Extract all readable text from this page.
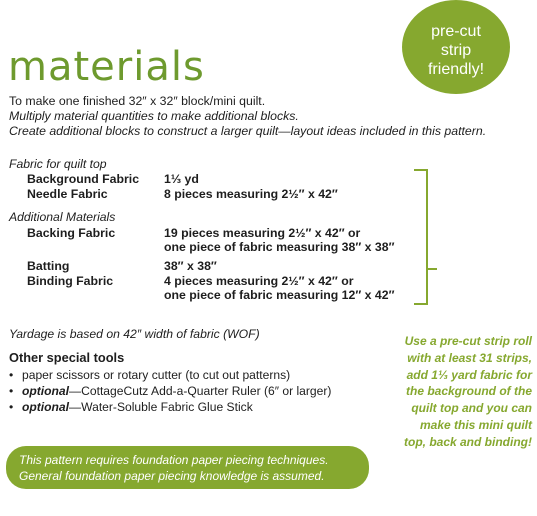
pre-cut
strip
friendly!
materials
To make one finished 32″ x 32″ block/mini quilt.
Multiply material quantities to make additional blocks.
Create additional blocks to construct a larger quilt—layout ideas included in this pattern.
Fabric for quilt top
Background Fabric 1⅓ yd
Needle Fabric	8 pieces measuring 2½″ x 42″
Additional Materials
Backing Fabric	19 pieces measuring 2½″ x 42″ or
one piece of fabric measuring 38″ x 38″
Batting	38″ x 38″
Binding Fabric	4 pieces measuring 2½″ x 42″ or
one piece of fabric measuring 12″ x 42″
Use a pre-cut strip roll
with at least 31 strips,
add 1⅓ yard fabric for
the background of the
quilt top and you can
make this mini quilt
top, back and binding!
Yardage is based on 42″ width of fabric (WOF)
Other special tools
• paper scissors or rotary cutter (to cut out patterns)
• optional—CottageCutz Add-a-Quarter Ruler (6″ or larger)
• optional—Water-Soluble Fabric Glue Stick
This pattern requires foundation paper piecing techniques.
General foundation paper piecing knowledge is assumed.
